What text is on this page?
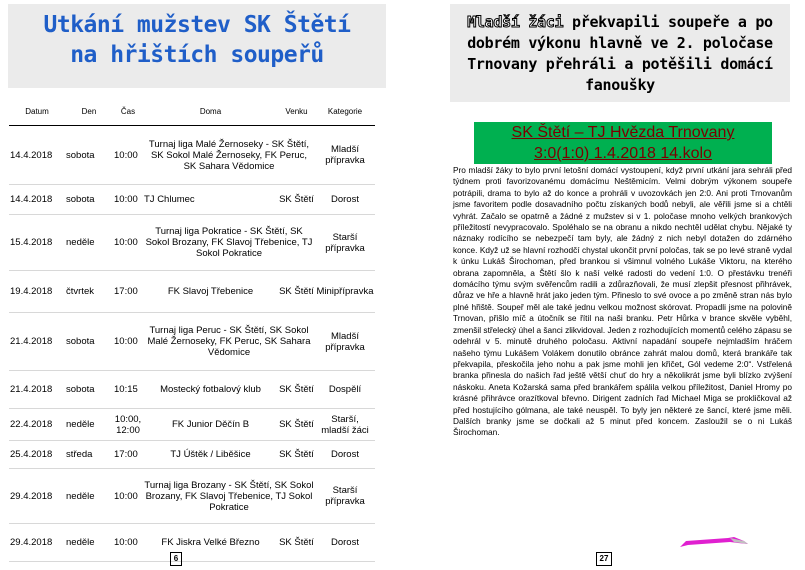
Utkání mužstev SK Štětí
na hřištích soupeřů
Datum	Den	Čas	Doma	Venku	Kategorie
14.4.2018	sobota	10:00	Turnaj liga Malé Žernoseky - SK Štětí, SK Sokol Malé Žernoseky, FK Peruc, SK Sahara Vědomice		Mladší přípravka
14.4.2018	sobota	10:00	TJ Chlumec	SK Štětí	Dorost
15.4.2018	neděle	10:00	Turnaj liga Pokratice - SK Štětí, SK Sokol Brozany, FK Slavoj Třebenice, TJ Sokol Pokratice		Starší přípravka
19.4.2018	čtvrtek	17:00	FK Slavoj Třebenice	SK Štětí	Minipřípravka
21.4.2018	sobota	10:00	Turnaj liga Peruc - SK Štětí, SK Sokol Malé Žernoseky, FK Peruc, SK Sahara Vědomice		Mladší přípravka
21.4.2018	sobota	10:15	Mostecký fotbalový klub	SK Štětí	Dospělí
22.4.2018	neděle	10:00, 12:00	FK Junior Děčín B	SK Štětí	Starší, mladší žáci
25.4.2018	středa	17:00	TJ Úštěk / Liběšice	SK Štětí	Dorost
29.4.2018	neděle	10:00	Turnaj liga Brozany - SK Štětí, SK Sokol Brozany, FK Slavoj Třebenice, TJ Sokol Pokratice		Starší přípravka
29.4.2018	neděle	10:00	FK Jiskra Velké Březno	SK Štětí	Dorost
6
Mladší žáci překvapili soupeře a po dobrém výkonu hlavně ve 2. poločase Trnovany přehráli a potěšili domácí fanoušky
SK Štětí – TJ Hvězda Trnovany
3:0(1:0) 1.4.2018 14.kolo

Pro mladší žáky to bylo první letošní domácí vystoupení, když první utkání jara sehráli před týdnem proti favorizovanému domácímu Neštěmicím. Velmi dobrým výkonem soupeře potrápili, drama to bylo až do konce a prohráli v uvozovkách jen 2:0. Ani proti Trnovanům jsme favoritem podle dosavadního počtu získaných bodů nebyli, ale věřili jsme si a chtěli vyhrát. Začalo se opatrně a žádné z mužstev si v 1. poločase mnoho velkých brankových příležitostí nevypracovalo. Spoléhalo se na obranu a nikdo nechtěl udělat chybu. Nějaké ty náznaky rodícího se nebezpečí tam byly, ale žádný z nich nebyl dotažen do zdárného konce. Když už se hlavní rozhodčí chystal ukončit první poločas, tak se po levé straně vydal k únku Lukáš Širochoman, před brankou si všimnul volného Lukáše Viktoru, na kterého obrana zapomněla, a Štětí šlo k naší velké radosti do vedení 1:0. O přestávku trenéři domácího týmu svým svěřencům radili a zdůrazňovali, že musí zlepšit přesnost přihrávek, důraz ve hře a hlavně hrát jako jeden tým. Přineslo to své ovoce a po změně stran nás bylo plné hřiště. Soupeř měl ale také jednu velkou možnost skórovat. Propadli jsme na polovině Trnovan, přišlo míč a útočník se řítil na naši branku. Petr Hůrka v brance skvěle vyběhl, zmenšil střelecký úhel a šanci zlikvidoval. Jeden z rozhodujících momentů celého zápasu se odehrál v 5. minutě druhého poločasu. Aktivní napadání soupeře nejmladším hráčem našeho týmu Lukášem Volákem donutilo obránce zahrát malou domů, která brankáře tak překvapila, přeskočila jeho nohu a pak jsme mohli jen křičet„ Gól vedeme 2:0“. Vstřelená branka přinesla do našich řad ještě větší chuť do hry a několikrát jsme byli blízko zvýšení náskoku. Aneta Kožarská sama před brankářem spálila velkou příležitost, Daniel Hromy po krásné přihrávce orazítkoval břevno. Dirigent zadních řad Michael Miga se prokličkoval až před hostujícího gólmana, ale také neuspěl. To byly jen některé ze šancí, které jsme měli. Dalších branky jsme se dočkali až 5 minut před koncem. Zasloužil se o ni Lukáš Širochoman.

27
